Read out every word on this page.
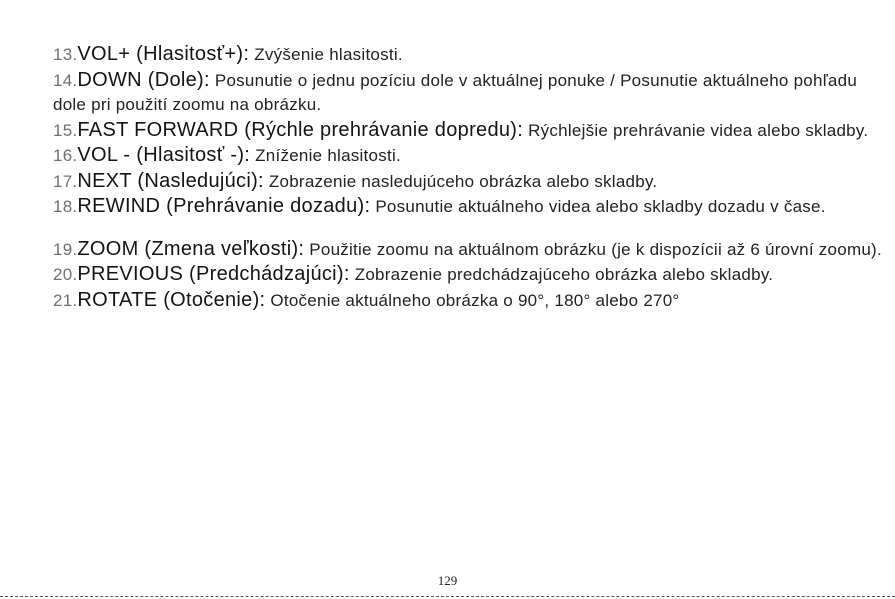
13.VOL+ (Hlasitosť+): Zvýšenie hlasitosti.

14.DOWN (Dole): Posunutie o jednu pozíciu dole v aktuálnej ponuke / Posunutie aktuálneho pohľadu dole pri použití zoomu na obrázku.

15.FAST FORWARD (Rýchle prehrávanie dopredu): Rýchlejšie prehrávanie videa alebo skladby.

16.VOL - (Hlasitosť -): Zníženie hlasitosti.

17.NEXT (Nasledujúci): Zobrazenie nasledujúceho obrázka alebo skladby.

18.REWIND (Prehrávanie dozadu): Posunutie aktuálneho videa alebo skladby dozadu v čase.

19.ZOOM (Zmena veľkosti): Použitie zoomu na aktuálnom obrázku (je k dispozícii až 6 úrovní zoomu).

20.PREVIOUS (Predchádzajúci): Zobrazenie predchádzajúceho obrázka alebo skladby.

21.ROTATE (Otočenie): Otočenie aktuálneho obrázka o 90°, 180° alebo 270°

129
